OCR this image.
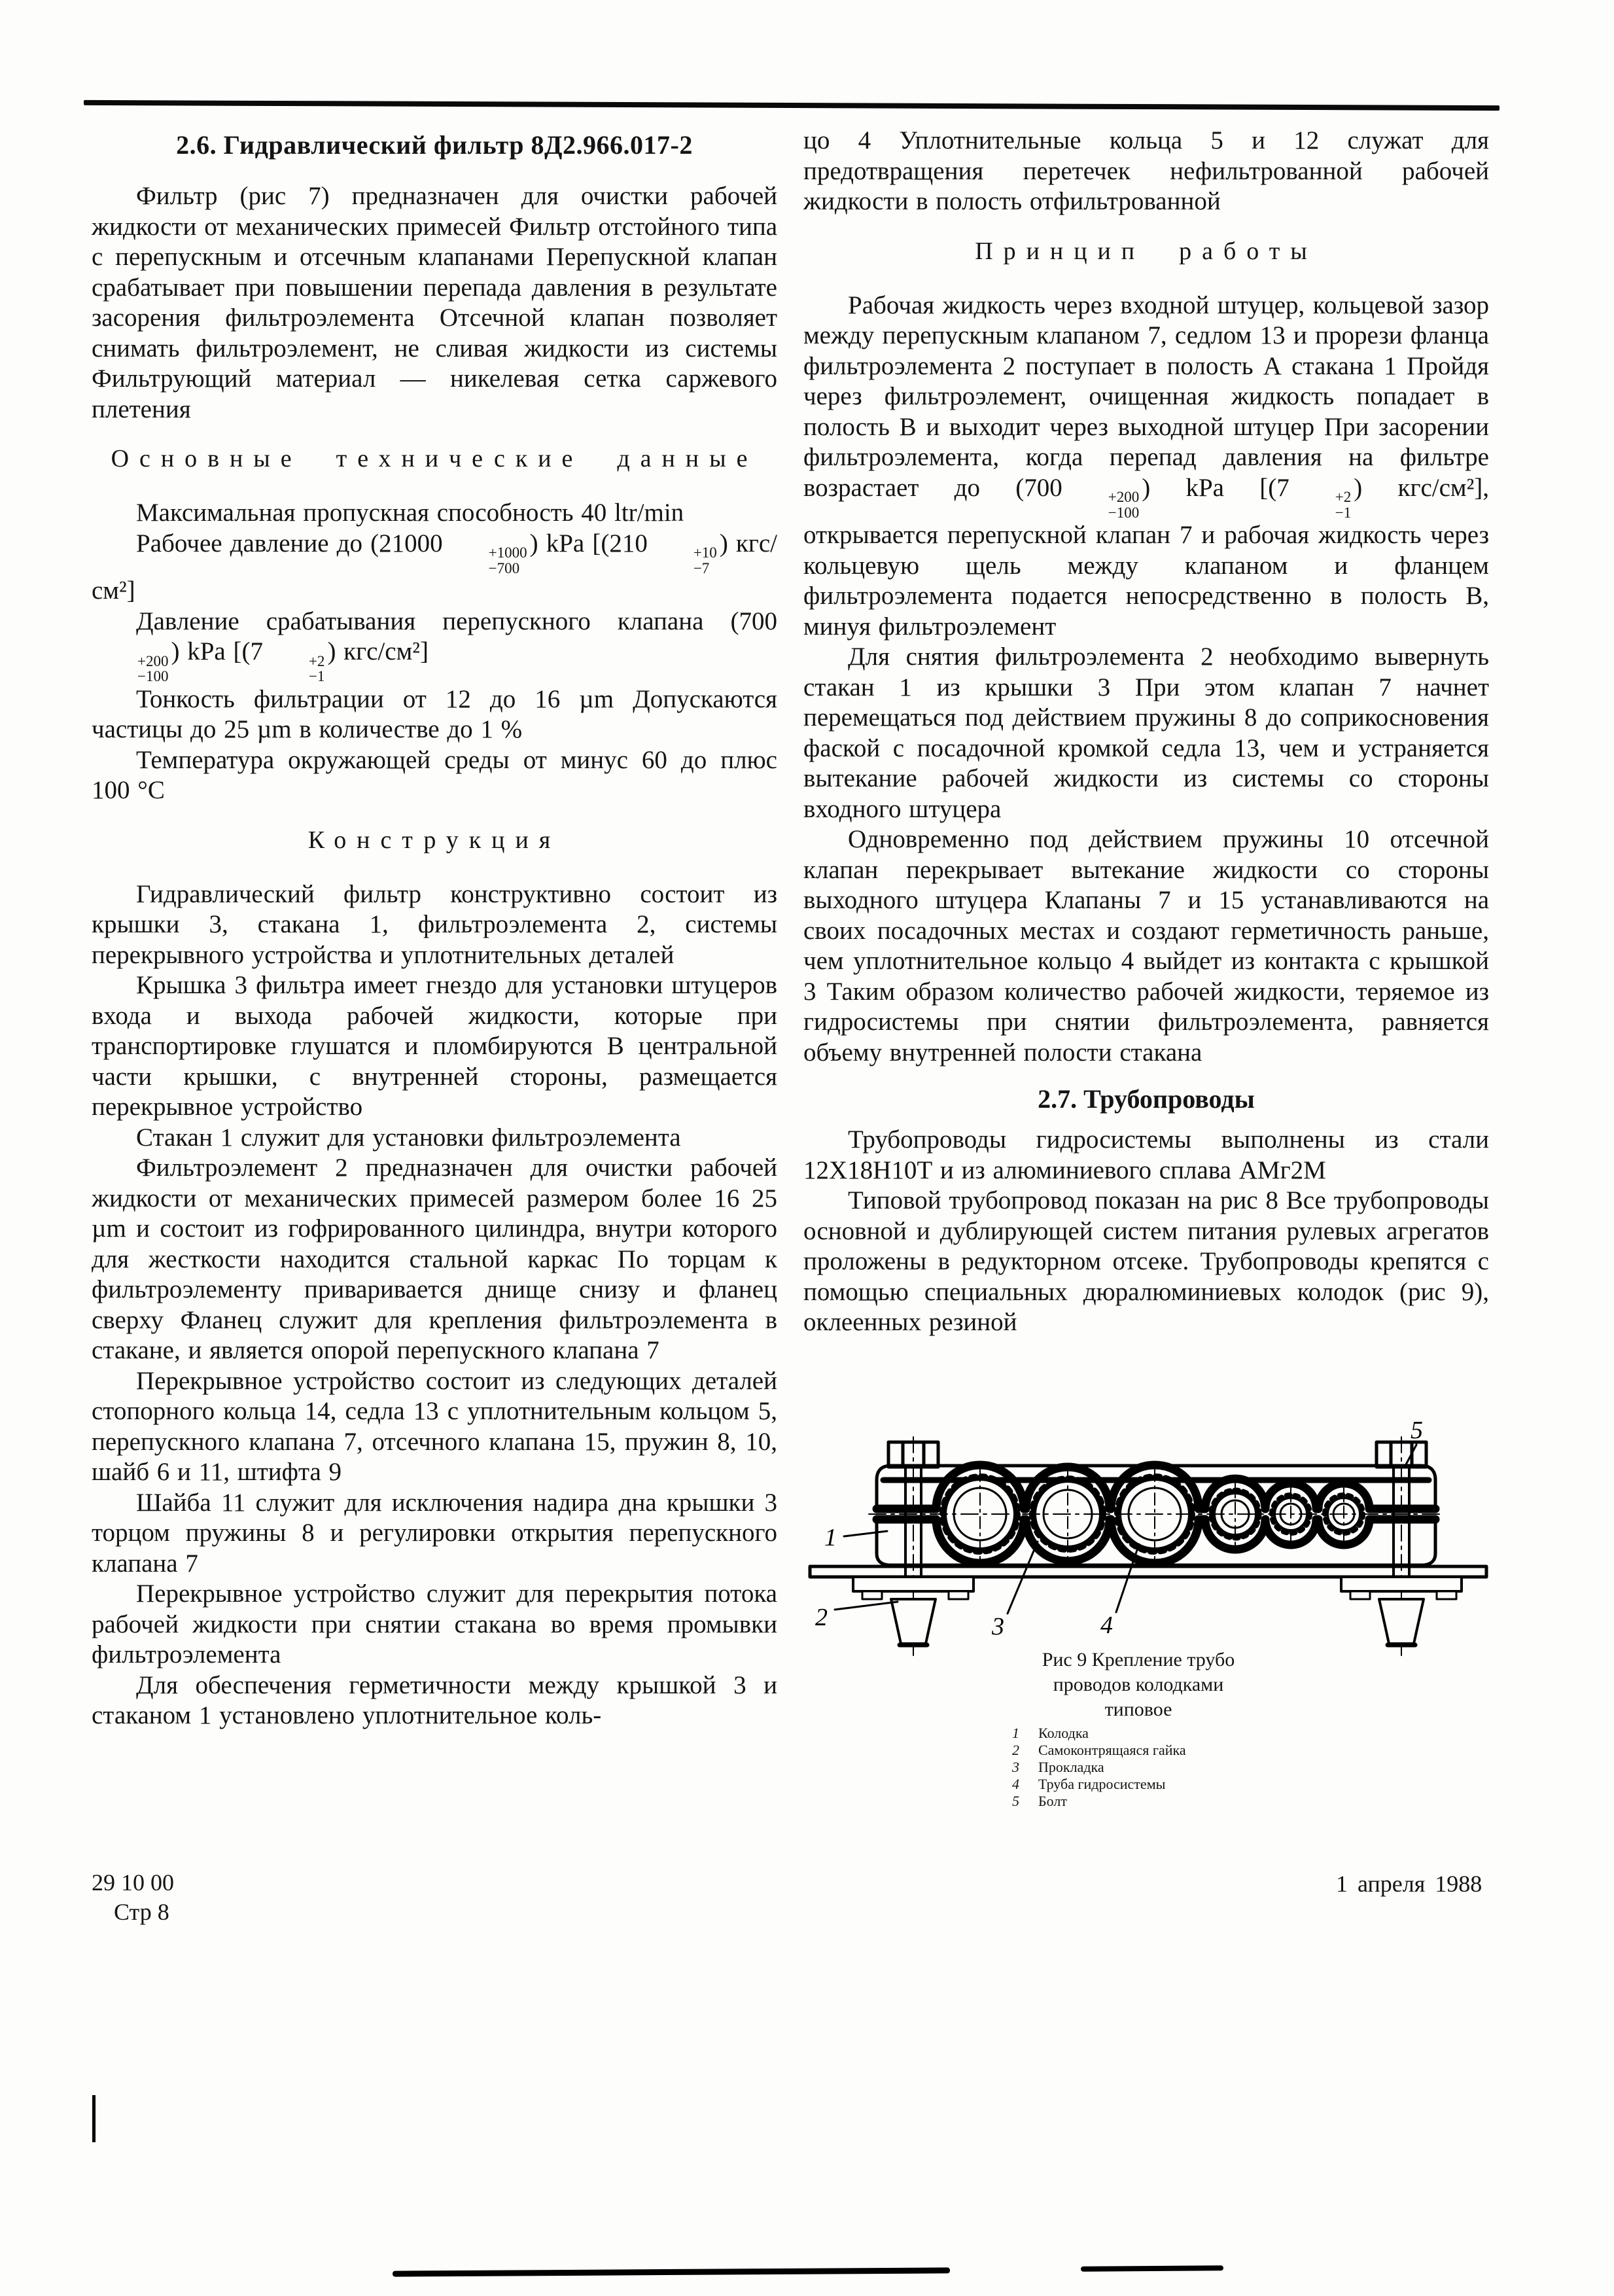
2.6. Гидравлический фильтр 8Д2.966.017-2

Фильтр (рис 7) предназначен для очистки рабочей жидкости от механических примесей Фильтр отстойного типа с перепускным и отсечным клапанами Перепускной клапан срабатывает при повышении перепада давления в результате засорения фильтроэлемента Отсечной клапан позволяет снимать фильтроэлемент, не сливая жидкости из системы Фильтрующий материал — никелевая сетка саржевого плетения

Основные технические данные

Максимальная пропускная способность 40 ltr/min

Рабочее давление до (21000	+1000
−700
) kPa [(210	+10
−7
) кгс/см²]

Давление срабатывания перепускного клапана (700
+200
−100
) kPa [(7	+2
−1
) кгс/см²]

Тонкость фильтрации от 12 до 16 µm Допускаются частицы до 25 µm в количестве до 1 %

Температура окружающей среды от минус 60 до плюс 100 °C

Конструкция

Гидравлический фильтр конструктивно состоит из крышки 3, стакана 1, фильтроэлемента 2, системы перекрывного устройства и уплотнительных деталей

Крышка 3 фильтра имеет гнездо для установки штуцеров входа и выхода рабочей жидкости, которые при транспортировке глушатся и пломбируются В центральной части крышки, с внутренней стороны, размещается перекрывное устройство

Стакан 1 служит для установки фильтроэлемента

Фильтроэлемент 2 предназначен для очистки рабочей жидкости от механических примесей размером более 16 25 µm и состоит из гофрированного цилиндра, внутри которого для жесткости находится стальной каркас По торцам к фильтроэлементу приваривается днище снизу и фланец сверху Фланец служит для крепления фильтроэлемента в стакане, и является опорой перепускного клапана 7

Перекрывное устройство состоит из следующих деталей стопорного кольца 14, седла 13 с уплотнительным кольцом 5, перепускного клапана 7, отсечного клапана 15, пружин 8, 10, шайб 6 и 11, штифта 9

Шайба 11 служит для исключения надира дна крышки 3 торцом пружины 8 и регулировки открытия перепускного клапана 7

Перекрывное устройство служит для перекрытия потока рабочей жидкости при снятии стакана во время промывки фильтроэлемента

Для обеспечения герметичности между крышкой 3 и стаканом 1 установлено уплотнительное коль-

цо 4 Уплотнительные кольца 5 и 12 служат для предотвращения перетечек нефильтрованной рабочей жидкости в полость отфильтрованной

Принцип работы

Рабочая жидкость через входной штуцер, кольцевой зазор между перепускным клапаном 7, седлом 13 и прорези фланца фильтроэлемента 2 поступает в полость А стакана 1 Пройдя через фильтроэлемент, очищенная жидкость попадает в полость В и выходит через выходной штуцер При засорении фильтроэлемента, когда перепад давления на фильтре возрастает до (700	+200
−100
) kPa [(7	+2
−1
) кгс/см²], открывается перепускной клапан 7 и рабочая жидкость через кольцевую щель между клапаном и фланцем фильтроэлемента подается непосредственно в полость В, минуя фильтроэлемент

Для снятия фильтроэлемента 2 необходимо вывернуть стакан 1 из крышки 3 При этом клапан 7 начнет перемещаться под действием пружины 8 до соприкосновения фаской с посадочной кромкой седла 13, чем и устраняется вытекание рабочей жидкости из системы со стороны входного штуцера

Одновременно под действием пружины 10 отсечной клапан перекрывает вытекание жидкости со стороны выходного штуцера Клапаны 7 и 15 устанавливаются на своих посадочных местах и создают герметичность раньше, чем уплотнительное кольцо 4 выйдет из контакта с крышкой 3 Таким образом количество рабочей жидкости, теряемое из гидросистемы при снятии фильтроэлемента, равняется объему внутренней полости стакана

2.7. Трубопроводы

Трубопроводы гидросистемы выполнены из стали 12Х18Н10Т и из алюминиевого сплава АМг2М

Типовой трубопровод показан на рис 8 Все трубопроводы основной и дублирующей систем питания рулевых агрегатов проложены в редукторном отсеке. Трубопроводы крепятся с помощью специальных дюралюминиевых колодок (рис 9), оклеенных резиной

5
1
2	3	4
Рис 9 Крепление трубо
проводов колодками
типовое
1	Колодка
2	Самоконтрящаяся гайка
3	Прокладка
4	Труба гидросистемы
5	Болт
29 10 00
Стр 8
1 апреля 1988
